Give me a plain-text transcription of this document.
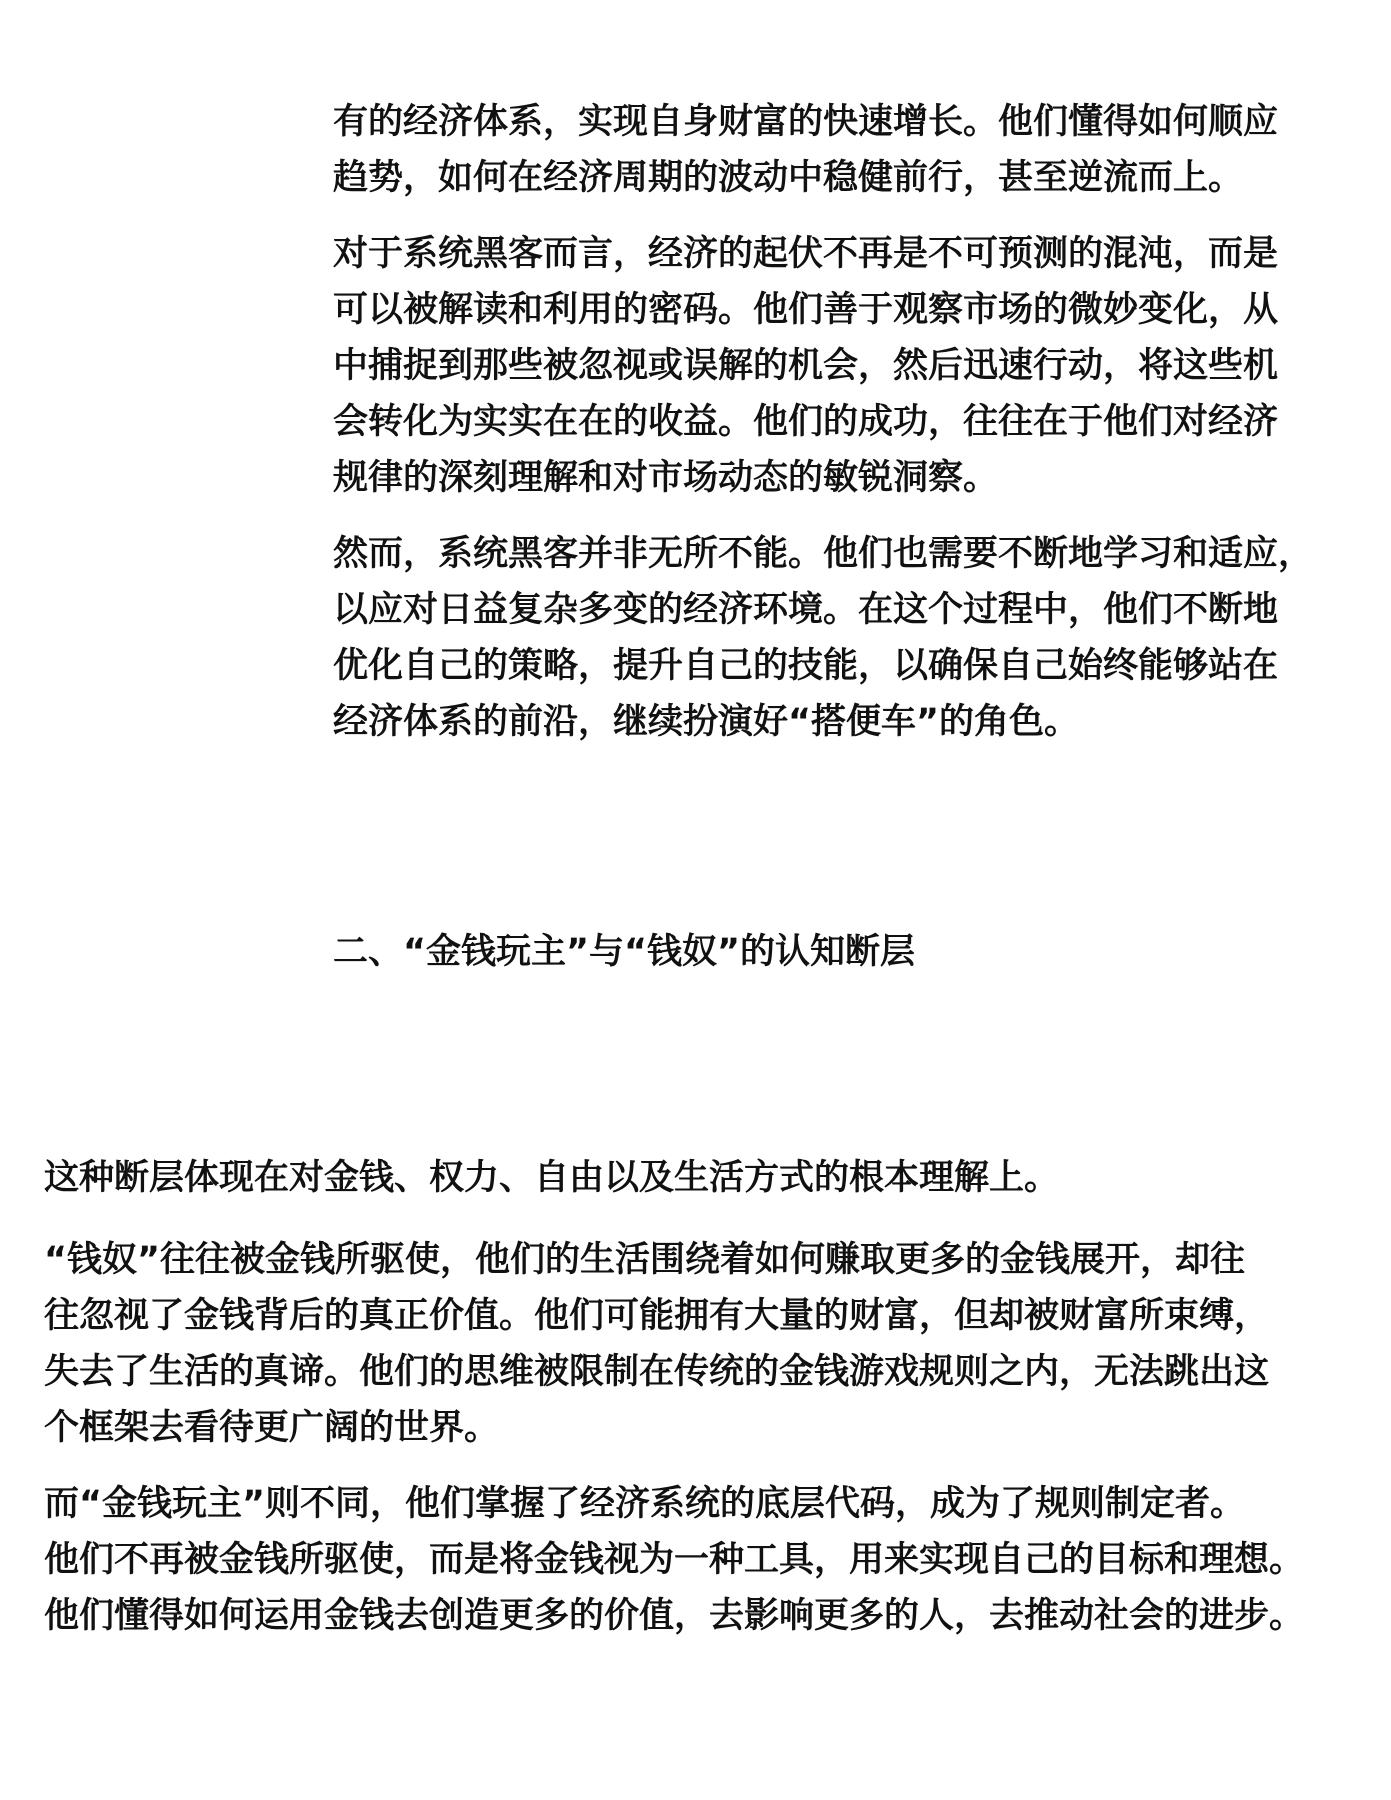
有的经济体系，实现自身财富的快速增长。他们懂得如何顺应
趋势，如何在经济周期的波动中稳健前行，甚至逆流而上。

对于系统黑客而言，经济的起伏不再是不可预测的混沌，而是
可以被解读和利用的密码。他们善于观察市场的微妙变化，从
中捕捉到那些被忽视或误解的机会，然后迅速行动，将这些机
会转化为实实在在的收益。他们的成功，往往在于他们对经济
规律的深刻理解和对市场动态的敏锐洞察。

然而，系统黑客并非无所不能。他们也需要不断地学习和适应，
以应对日益复杂多变的经济环境。在这个过程中，他们不断地
优化自己的策略，提升自己的技能，以确保自己始终能够站在
经济体系的前沿，继续扮演好“搭便车”的角色。

二、“金钱玩主”与“钱奴”的认知断层

这种断层体现在对金钱、权力、自由以及生活方式的根本理解上。

“钱奴”往往被金钱所驱使，他们的生活围绕着如何赚取更多的金钱展开，却往
往忽视了金钱背后的真正价值。他们可能拥有大量的财富，但却被财富所束缚，
失去了生活的真谛。他们的思维被限制在传统的金钱游戏规则之内，无法跳出这
个框架去看待更广阔的世界。

而“金钱玩主”则不同，他们掌握了经济系统的底层代码，成为了规则制定者。
他们不再被金钱所驱使，而是将金钱视为一种工具，用来实现自己的目标和理想。
他们懂得如何运用金钱去创造更多的价值，去影响更多的人，去推动社会的进步。
